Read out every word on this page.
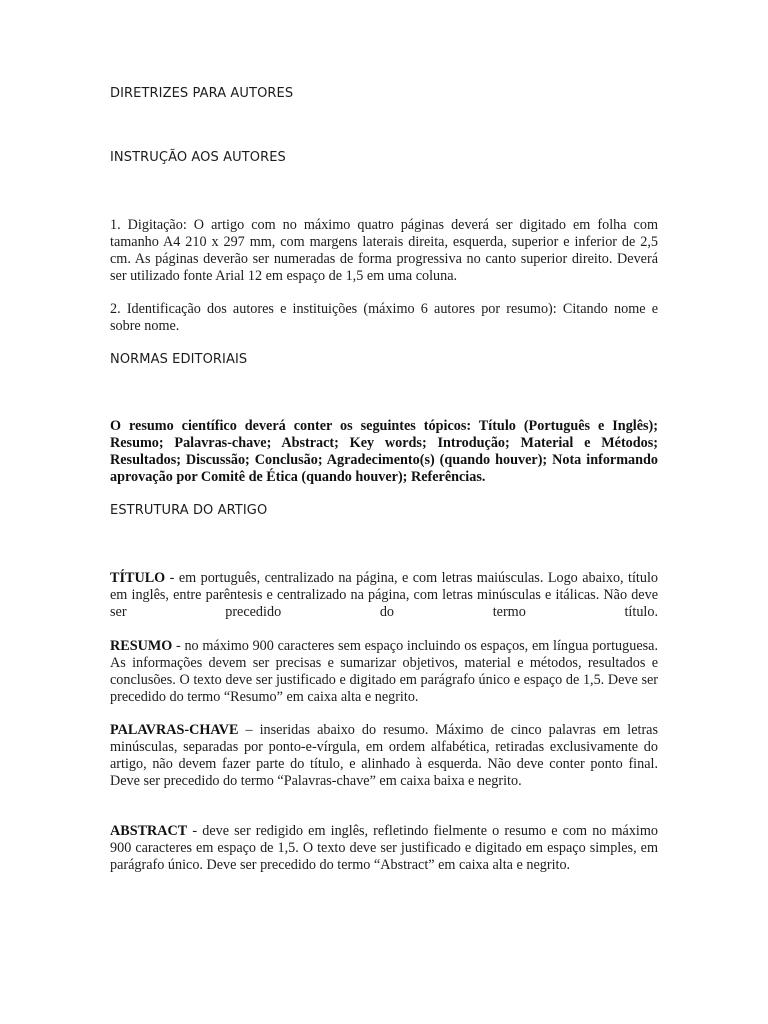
DIRETRIZES PARA AUTORES
INSTRUÇÃO AOS AUTORES
1. Digitação: O artigo com no máximo quatro páginas deverá ser digitado em folha com tamanho A4 210 x 297 mm, com margens laterais direita, esquerda, superior e inferior de 2,5 cm. As páginas deverão ser numeradas de forma progressiva no canto superior direito. Deverá ser utilizado fonte Arial 12 em espaço de 1,5 em uma coluna.
2. Identificação dos autores e instituições (máximo 6 autores por resumo): Citando nome e sobre nome.
NORMAS EDITORIAIS
O resumo científico deverá conter os seguintes tópicos: Título (Português e Inglês); Resumo; Palavras-chave; Abstract; Key words; Introdução; Material e Métodos; Resultados; Discussão; Conclusão; Agradecimento(s) (quando houver); Nota informando aprovação por Comitê de Ética (quando houver); Referências.
ESTRUTURA DO ARTIGO
TÍTULO - em português, centralizado na página, e com letras maiúsculas. Logo abaixo, título em inglês, entre parêntesis e centralizado na página, com letras minúsculas e itálicas. Não deve ser precedido do termo título.
RESUMO - no máximo 900 caracteres sem espaço incluindo os espaços, em língua portuguesa. As informações devem ser precisas e sumarizar objetivos, material e métodos, resultados e conclusões. O texto deve ser justificado e digitado em parágrafo único e espaço de 1,5. Deve ser precedido do termo “Resumo” em caixa alta e negrito.
PALAVRAS-CHAVE – inseridas abaixo do resumo. Máximo de cinco palavras em letras minúsculas, separadas por ponto-e-vírgula, em ordem alfabética, retiradas exclusivamente do artigo, não devem fazer parte do título, e alinhado à esquerda. Não deve conter ponto final. Deve ser precedido do termo “Palavras-chave” em caixa baixa e negrito.
ABSTRACT - deve ser redigido em inglês, refletindo fielmente o resumo e com no máximo 900 caracteres em espaço de 1,5. O texto deve ser justificado e digitado em espaço simples, em parágrafo único. Deve ser precedido do termo “Abstract” em caixa alta e negrito.
